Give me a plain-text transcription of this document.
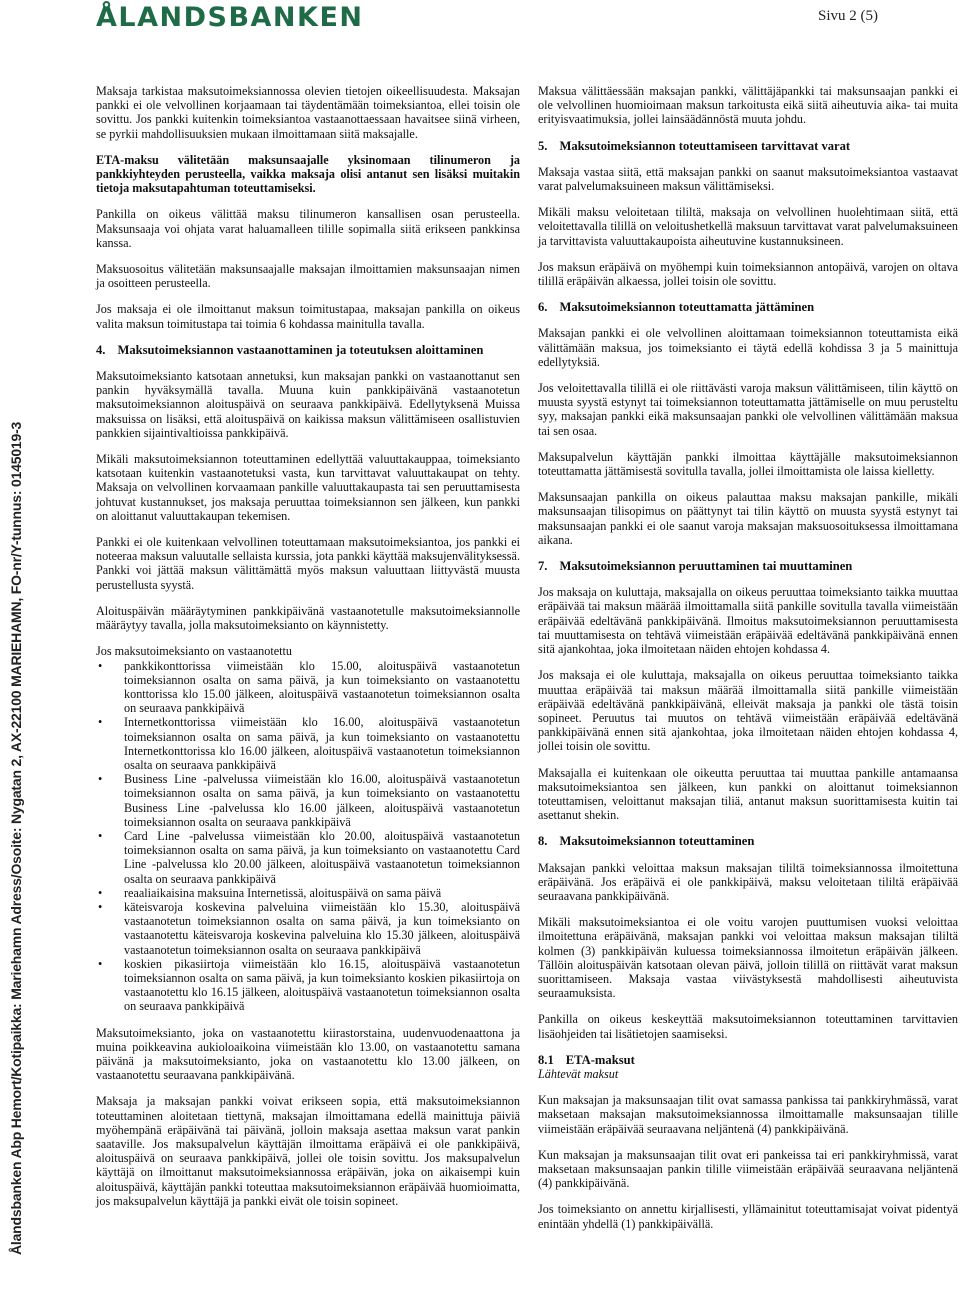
ÅLANDSBANKEN	Sivu 2 (5)
Ålandsbanken Abp Hemort/Kotipaikka: Mariehamn Adress/Osoite: Nygatan 2, AX-22100 MARIEHAMN, FO-nr/Y-tunnus: 0145019-3

Maksaja tarkistaa maksutoimeksiannossa olevien tietojen oikeellisuudesta. Maksajan pankki ei ole velvollinen korjaamaan tai täydentämään toimeksiantoa, ellei toisin ole sovittu. Jos pankki kuitenkin toimeksiantoa vastaanottaessaan havaitsee siinä virheen, se pyrkii mahdollisuuksien mukaan ilmoittamaan siitä maksajalle.

ETA-maksu välitetään maksunsaajalle yksinomaan tilinumeron ja pankkiyhteyden perusteella, vaikka maksaja olisi antanut sen lisäksi muitakin tietoja maksutapahtuman toteuttamiseksi.

Pankilla on oikeus välittää maksu tilinumeron kansallisen osan perusteella. Maksunsaaja voi ohjata varat haluamalleen tilille sopimalla siitä erikseen pankkinsa kanssa.

Maksuosoitus välitetään maksunsaajalle maksajan ilmoittamien maksunsaajan nimen ja osoitteen perusteella.

Jos maksaja ei ole ilmoittanut maksun toimitustapaa, maksajan pankilla on oikeus valita maksun toimitustapa tai toimia 6 kohdassa mainitulla tavalla.

4. Maksutoimeksiannon vastaanottaminen ja toteutuksen aloittaminen

Maksutoimeksianto katsotaan annetuksi, kun maksajan pankki on vastaanottanut sen pankin hyväksymällä tavalla. Muuna kuin pankkipäivänä vastaanotetun maksutoimeksiannon aloituspäivä on seuraava pankkipäivä. Edellytyksenä Muissa maksuissa on lisäksi, että aloituspäivä on kaikissa maksun välittämiseen osallistuvien pankkien sijaintivaltioissa pankkipäivä.

Mikäli maksutoimeksiannon toteuttaminen edellyttää valuuttakauppaa, toimeksianto katsotaan kuitenkin vastaanotetuksi vasta, kun tarvittavat valuuttakaupat on tehty. Maksaja on velvollinen korvaamaan pankille valuuttakaupasta tai sen peruuttamisesta johtuvat kustannukset, jos maksaja peruuttaa toimeksiannon sen jälkeen, kun pankki on aloittanut valuuttakaupan tekemisen.

Pankki ei ole kuitenkaan velvollinen toteuttamaan maksutoimeksiantoa, jos pankki ei noteeraa maksun valuutalle sellaista kurssia, jota pankki käyttää maksujenvälityksessä. Pankki voi jättää maksun välittämättä myös maksun valuuttaan liittyvästä muusta perustellusta syystä.

Aloituspäivän määräytyminen pankkipäivänä vastaanotetulle maksutoimeksiannolle määräytyy tavalla, jolla maksutoimeksianto on käynnistetty.

Jos maksutoimeksianto on vastaanotettu

• pankkikonttorissa viimeistään klo 15.00, aloituspäivä vastaanotetun toimeksiannon osalta on sama päivä, ja kun toimeksianto on vastaanotettu konttorissa klo 15.00 jälkeen, aloituspäivä vastaanotetun toimeksiannon osalta on seuraava pankkipäivä
• Internetkonttorissa viimeistään klo 16.00, aloituspäivä vastaanotetun toimeksiannon osalta on sama päivä, ja kun toimeksianto on vastaanotettu Internetkonttorissa klo 16.00 jälkeen, aloituspäivä vastaanotetun toimeksiannon osalta on seuraava pankkipäivä
• Business Line -palvelussa viimeistään klo 16.00, aloituspäivä vastaanotetun toimeksiannon osalta on sama päivä, ja kun toimeksianto on vastaanotettu Business Line -palvelussa klo 16.00 jälkeen, aloituspäivä vastaanotetun toimeksiannon osalta on seuraava pankkipäivä
• Card Line -palvelussa viimeistään klo 20.00, aloituspäivä vastaanotetun toimeksiannon osalta on sama päivä, ja kun toimeksianto on vastaanotettu Card Line -palvelussa klo 20.00 jälkeen, aloituspäivä vastaanotetun toimeksiannon osalta on seuraava pankkipäivä
• reaaliaikaisina maksuina Internetissä, aloituspäivä on sama päivä
• käteisvaroja koskevina palveluina viimeistään klo 15.30, aloituspäivä vastaanotetun toimeksiannon osalta on sama päivä, ja kun toimeksianto on vastaanotettu käteisvaroja koskevina palveluina klo 15.30 jälkeen, aloituspäivä vastaanotetun toimeksiannon osalta on seuraava pankkipäivä
• koskien pikasiirtoja viimeistään klo 16.15, aloituspäivä vastaanotetun toimeksiannon osalta on sama päivä, ja kun toimeksianto koskien pikasiirtoja on vastaanotettu klo 16.15 jälkeen, aloituspäivä vastaanotetun toimeksiannon osalta on seuraava pankkipäivä

Maksutoimeksianto, joka on vastaanotettu kiirastorstaina, uudenvuodenaattona ja muina poikkeavina aukioloaikoina viimeistään klo 13.00, on vastaanotettu samana päivänä ja maksutoimeksianto, joka on vastaanotettu klo 13.00 jälkeen, on vastaanotettu seuraavana pankkipäivänä.

Maksaja ja maksajan pankki voivat erikseen sopia, että maksutoimeksiannon toteuttaminen aloitetaan tiettynä, maksajan ilmoittamana edellä mainittuja päiviä myöhempänä eräpäivänä tai päivänä, jolloin maksaja asettaa maksun varat pankin saataville. Jos maksupalvelun käyttäjän ilmoittama eräpäivä ei ole pankkipäivä, aloituspäivä on seuraava pankkipäivä, jollei ole toisin sovittu. Jos maksupalvelun käyttäjä on ilmoittanut maksutoimeksiannossa eräpäivän, joka on aikaisempi kuin aloituspäivä, käyttäjän pankki toteuttaa maksutoimeksiannon eräpäivää huomioimatta, jos maksupalvelun käyttäjä ja pankki eivät ole toisin sopineet.

Maksua välittäessään maksajan pankki, välittäjäpankki tai maksunsaajan pankki ei ole velvollinen huomioimaan maksun tarkoitusta eikä siitä aiheutuvia aika- tai muita erityisvaatimuksia, jollei lainsäädännöstä muuta johdu.

5. Maksutoimeksiannon toteuttamiseen tarvittavat varat

Maksaja vastaa siitä, että maksajan pankki on saanut maksutoimeksiantoa vastaavat varat palvelumaksuineen maksun välittämiseksi.

Mikäli maksu veloitetaan tililtä, maksaja on velvollinen huolehtimaan siitä, että veloitettavalla tilillä on veloitushetkellä maksuun tarvittavat varat palvelumaksuineen ja tarvittavista valuuttakaupoista aiheutuvine kustannuksineen.

Jos maksun eräpäivä on myöhempi kuin toimeksiannon antopäivä, varojen on oltava tilillä eräpäivän alkaessa, jollei toisin ole sovittu.

6. Maksutoimeksiannon toteuttamatta jättäminen

Maksajan pankki ei ole velvollinen aloittamaan toimeksiannon toteuttamista eikä välittämään maksua, jos toimeksianto ei täytä edellä kohdissa 3 ja 5 mainittuja edellytyksiä.

Jos veloitettavalla tilillä ei ole riittävästi varoja maksun välittämiseen, tilin käyttö on muusta syystä estynyt tai toimeksiannon toteuttamatta jättämiselle on muu perusteltu syy, maksajan pankki eikä maksunsaajan pankki ole velvollinen välittämään maksua tai sen osaa.

Maksupalvelun käyttäjän pankki ilmoittaa käyttäjälle maksutoimeksiannon toteuttamatta jättämisestä sovitulla tavalla, jollei ilmoittamista ole laissa kielletty.

Maksunsaajan pankilla on oikeus palauttaa maksu maksajan pankille, mikäli maksunsaajan tilisopimus on päättynyt tai tilin käyttö on muusta syystä estynyt tai maksunsaajan pankki ei ole saanut varoja maksajan maksuosoituksessa ilmoittamana aikana.

7. Maksutoimeksiannon peruuttaminen tai muuttaminen

Jos maksaja on kuluttaja, maksajalla on oikeus peruuttaa toimeksianto taikka muuttaa eräpäivää tai maksun määrää ilmoittamalla siitä pankille sovitulla tavalla viimeistään eräpäivää edeltävänä pankkipäivänä. Ilmoitus maksutoimeksiannon peruuttamisesta tai muuttamisesta on tehtävä viimeistään eräpäivää edeltävänä pankkipäivänä ennen sitä ajankohtaa, joka ilmoitetaan näiden ehtojen kohdassa 4.

Jos maksaja ei ole kuluttaja, maksajalla on oikeus peruuttaa toimeksianto taikka muuttaa eräpäivää tai maksun määrää ilmoittamalla siitä pankille viimeistään eräpäivää edeltävänä pankkipäivänä, elleivät maksaja ja pankki ole tästä toisin sopineet. Peruutus tai muutos on tehtävä viimeistään eräpäivää edeltävänä pankkipäivänä ennen sitä ajankohtaa, joka ilmoitetaan näiden ehtojen kohdassa 4, jollei toisin ole sovittu.

Maksajalla ei kuitenkaan ole oikeutta peruuttaa tai muuttaa pankille antamaansa maksutoimeksiantoa sen jälkeen, kun pankki on aloittanut toimeksiannon toteuttamisen, veloittanut maksajan tiliä, antanut maksun suorittamisesta kuitin tai asettanut shekin.

8. Maksutoimeksiannon toteuttaminen

Maksajan pankki veloittaa maksun maksajan tililtä toimeksiannossa ilmoitettuna eräpäivänä. Jos eräpäivä ei ole pankkipäivä, maksu veloitetaan tililtä eräpäivää seuraavana pankkipäivänä.

Mikäli maksutoimeksiantoa ei ole voitu varojen puuttumisen vuoksi veloittaa ilmoitettuna eräpäivänä, maksajan pankki voi veloittaa maksun maksajan tililtä kolmen (3) pankkipäivän kuluessa toimeksiannossa ilmoitetun eräpäivän jälkeen. Tällöin aloituspäivän katsotaan olevan päivä, jolloin tilillä on riittävät varat maksun suorittamiseen. Maksaja vastaa viivästyksestä mahdollisesti aiheutuvista seuraamuksista.

Pankilla on oikeus keskeyttää maksutoimeksiannon toteuttaminen tarvittavien lisäohjeiden tai lisätietojen saamiseksi.

8.1 ETA-maksut

Lähtevät maksut

Kun maksajan ja maksunsaajan tilit ovat samassa pankissa tai pankkiryhmässä, varat maksetaan maksajan maksutoimeksiannossa ilmoittamalle maksunsaajan tilille viimeistään eräpäivää seuraavana neljäntenä (4) pankkipäivänä.

Kun maksajan ja maksunsaajan tilit ovat eri pankeissa tai eri pankkiryhmissä, varat maksetaan maksunsaajan pankin tilille viimeistään eräpäivää seuraavana neljäntenä (4) pankkipäivänä.

Jos toimeksianto on annettu kirjallisesti, yllämainitut toteuttamisajat voivat pidentyä enintään yhdellä (1) pankkipäivällä.
